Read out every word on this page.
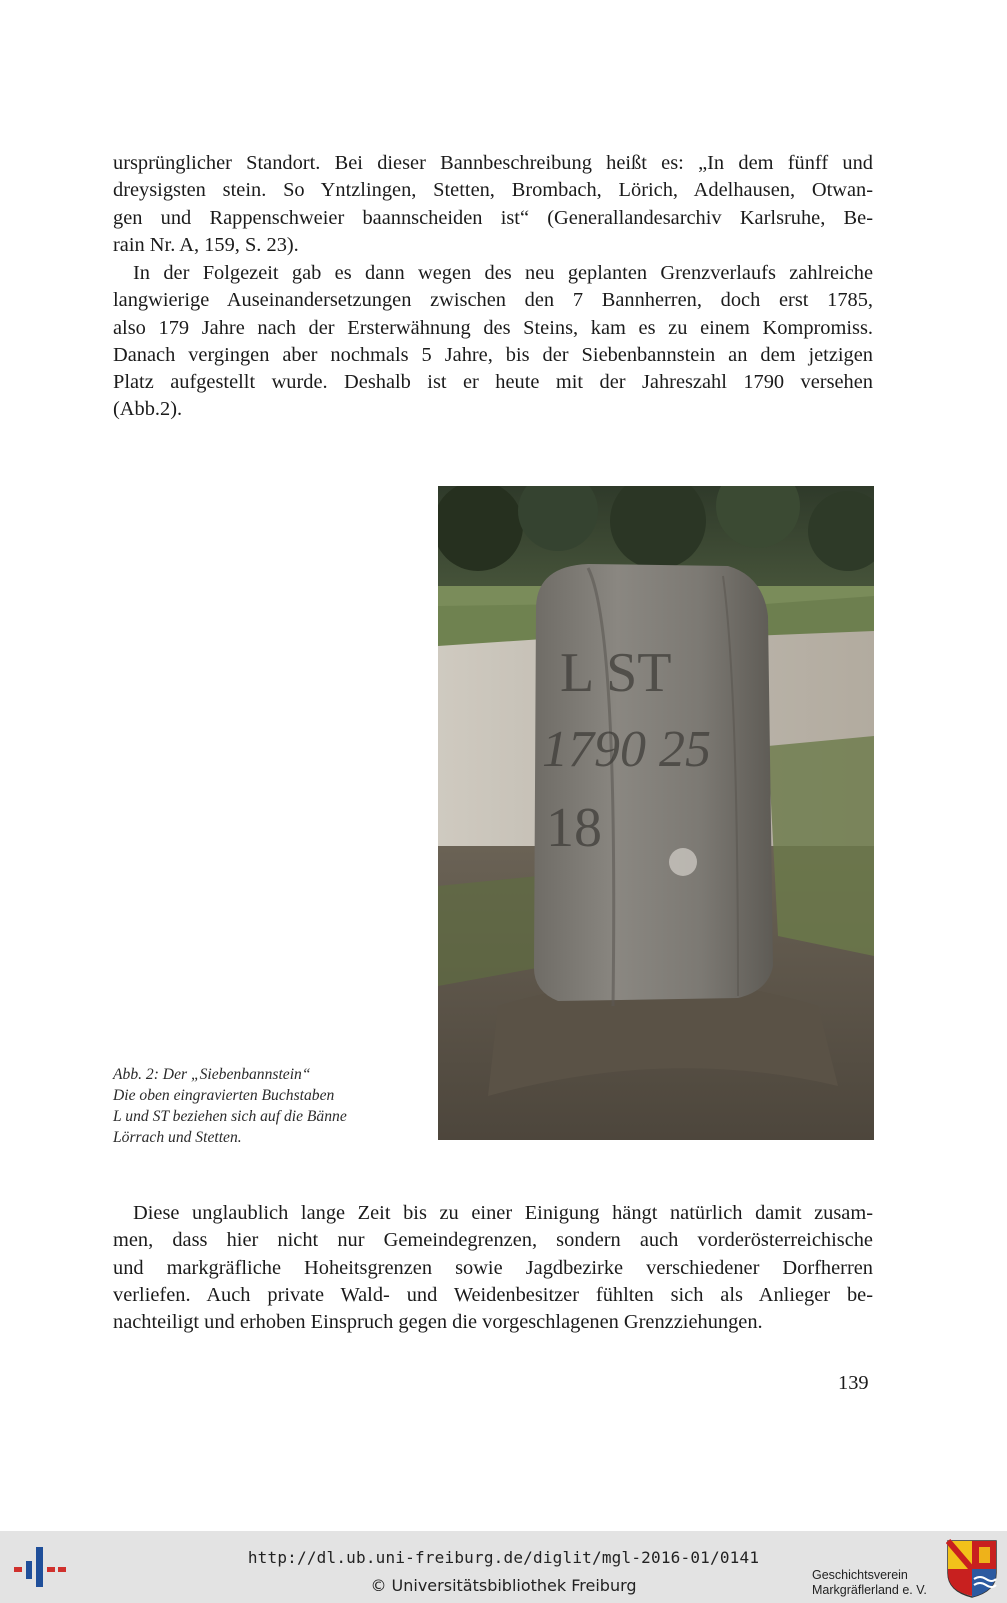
ursprünglicher Standort. Bei dieser Bannbeschreibung heißt es: „In dem fünff und
dreysigsten stein. So Yntzlingen, Stetten, Brombach, Lörich, Adelhausen, Otwan-
gen und Rappenschweier baannscheiden ist“ (Generallandesarchiv Karlsruhe, Be-
rain Nr. A, 159, S. 23).
In der Folgezeit gab es dann wegen des neu geplanten Grenzverlaufs zahlreiche
langwierige Auseinandersetzungen zwischen den 7 Bannherren, doch erst 1785,
also 179 Jahre nach der Ersterwähnung des Steins, kam es zu einem Kompromiss.
Danach vergingen aber nochmals 5 Jahre, bis der Siebenbannstein an dem jetzigen
Platz aufgestellt wurde. Deshalb ist er heute mit der Jahreszahl 1790 versehen
(Abb.2).
L ST
1790 25
18
Abb. 2: Der „Siebenbannstein“
Die oben eingravierten Buchstaben
L und ST beziehen sich auf die Bänne
Lörrach und Stetten.
Diese unglaublich lange Zeit bis zu einer Einigung hängt natürlich damit zusam-
men, dass hier nicht nur Gemeindegrenzen, sondern auch vorderösterreichische
und markgräfliche Hoheitsgrenzen sowie Jagdbezirke verschiedener Dorfherren
verliefen. Auch private Wald- und Weidenbesitzer fühlten sich als Anlieger be-
nachteiligt und erhoben Einspruch gegen die vorgeschlagenen Grenzziehungen.
139
http://dl.ub.uni-freiburg.de/diglit/mgl-2016-01/0141
© Universitätsbibliothek Freiburg
Geschichtsverein
Markgräflerland e. V.
